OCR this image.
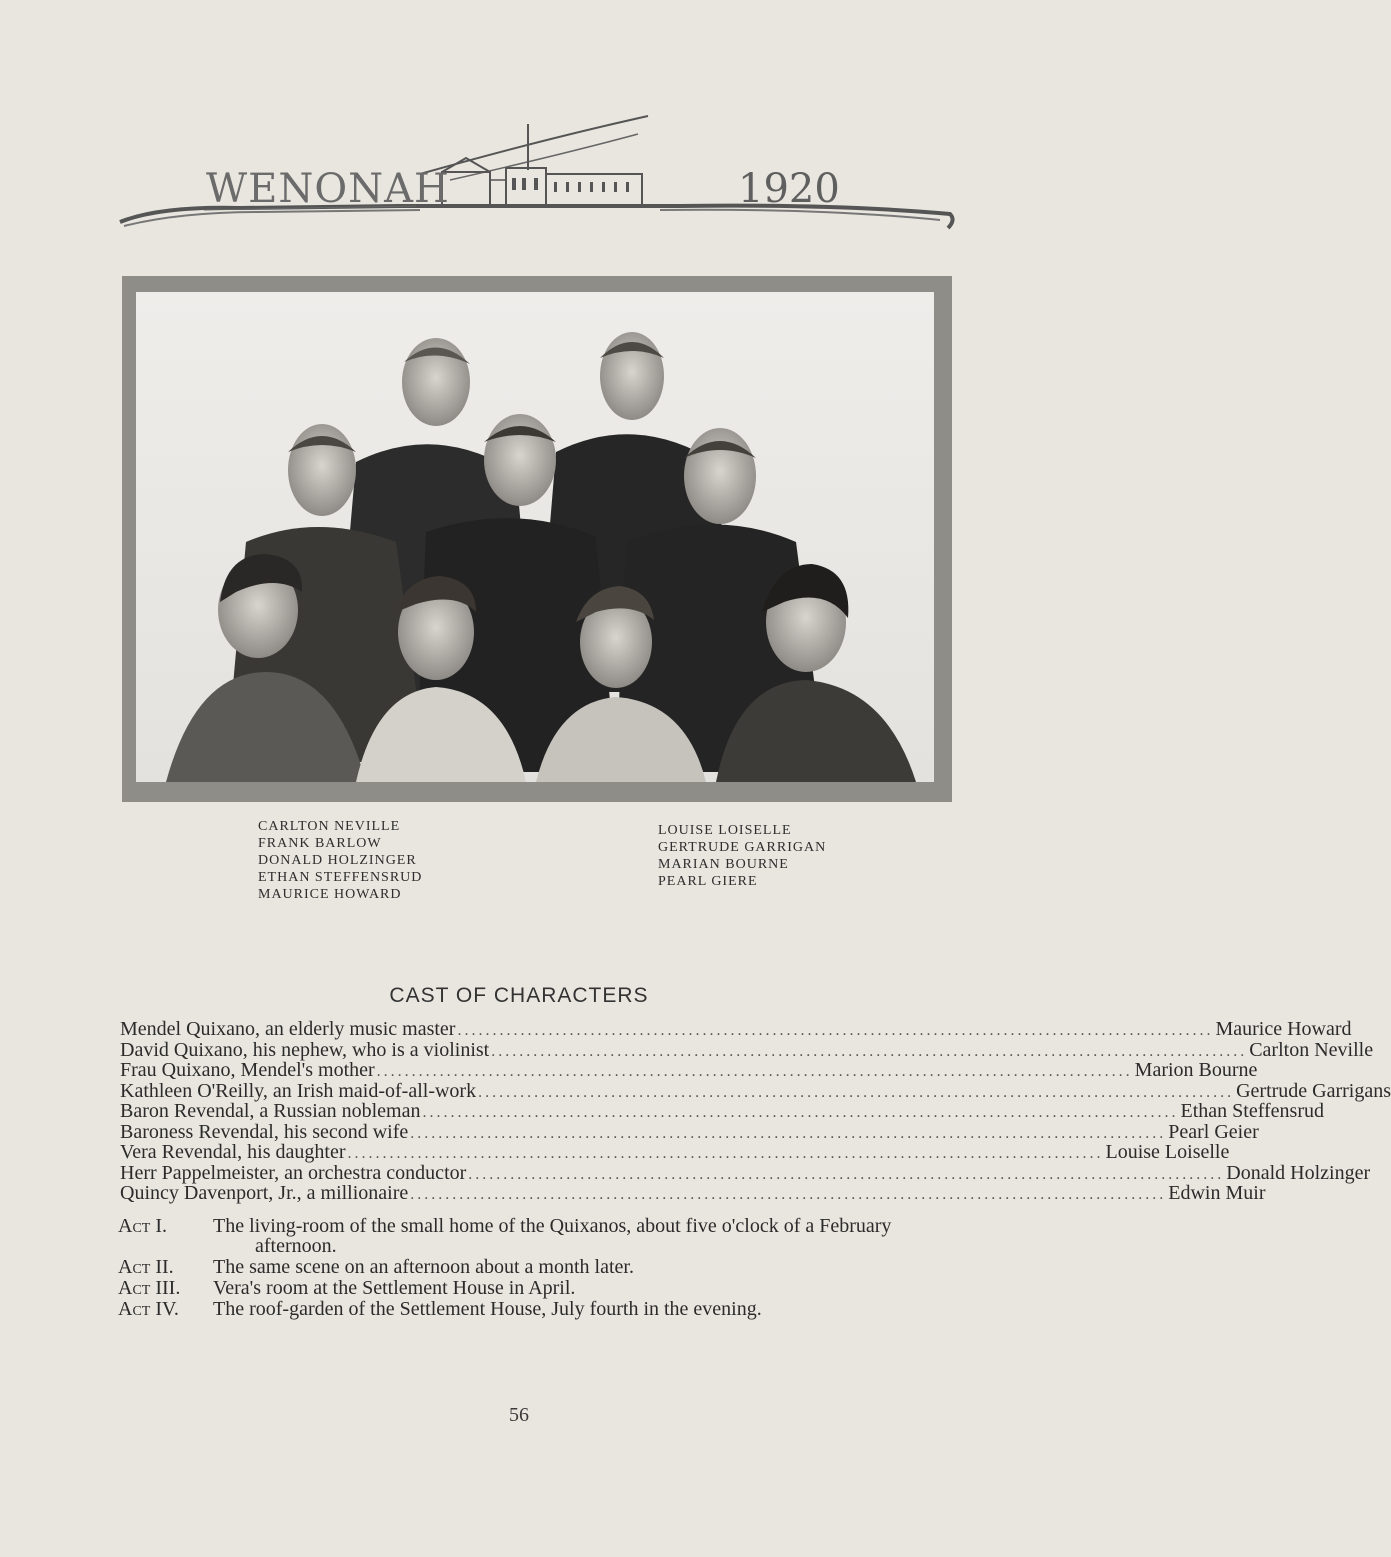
WENONAH	1920
CARLTON NEVILLE
FRANK BARLOW
DONALD HOLZINGER
ETHAN STEFFENSRUD
MAURICE HOWARD
LOUISE LOISELLE
GERTRUDE GARRIGAN
MARIAN BOURNE
PEARL GIERE
CAST OF CHARACTERS
Mendel Quixano, an elderly music master ............................................................................................................ Maurice Howard
David Quixano, his nephew, who is a violinist ............................................................................................................ Carlton Neville
Frau Quixano, Mendel's mother ............................................................................................................ Marion Bourne
Kathleen O'Reilly, an Irish maid-of-all-work ............................................................................................................ Gertrude Garrigans
Baron Revendal, a Russian nobleman ............................................................................................................ Ethan Steffensrud
Baroness Revendal, his second wife ............................................................................................................ Pearl Geier
Vera Revendal, his daughter ............................................................................................................ Louise Loiselle
Herr Pappelmeister, an orchestra conductor ............................................................................................................ Donald Holzinger
Quincy Davenport, Jr., a millionaire ............................................................................................................ Edwin Muir
Act I. The living-room of the small home of the Quixanos, about five o'clock of a February afternoon.
Act II. The same scene on an afternoon about a month later.
Act III. Vera's room at the Settlement House in April.
Act IV. The roof-garden of the Settlement House, July fourth in the evening.
56
